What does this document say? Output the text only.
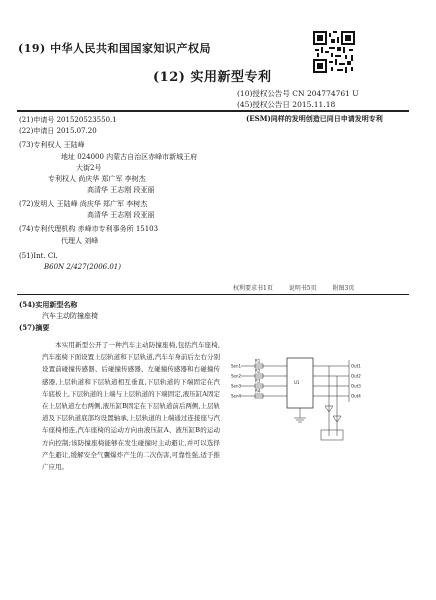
(19) 中华人民共和国国家知识产权局
(12) 实用新型专利
(10)授权公告号 CN 204774761 U
(45)授权公告日 2015.11.18
(21)申请号 201520523550.1
(22)申请日 2015.07.20
(73)专利权人 王陆峰
地址 024000 内蒙古自治区赤峰市新城王府
大街2号
专利权人 尚庆华 郑广军 李树杰
高清华 王志刚 段亚丽
(72)发明人 王陆峰 尚庆华 郑广军 李树杰
高清华 王志刚 段亚丽
(74)专利代理机构 赤峰市专利事务所 15103
代理人 刘峰
(51)Int. Cl.
B60N 2/427(2006.01)
(ESM)同样的发明创造已同日申请发明专利
权利要求书1页	说明书5页	附图3页
(54)实用新型名称
汽车主动防撞座椅
(57)摘要
本实用新型公开了一种汽车主动防撞座椅,包括汽车座椅,汽车座椅下面设置上层轨道和下层轨道,汽车车身前后左右分别设置前碰撞传感器、后碰撞传感器、左碰撞传感器和右碰撞传感器,上层轨道和下层轨道相互垂直,下层轨道的下端固定在汽车底板上,下层轨道的上端与上层轨道的下端固定,液压缸A固定在上层轨道左右两侧,液压缸B固定在下层轨道前后两侧,上层轨道及下层轨道底部均设置轴承,上层轨道的上端通过连接座与汽车座椅相连,汽车座椅的运动方向由液压缸A、液压缸B的运动方向控制;该防撞座椅能够在发生碰撞时主动避让,并可以选择产生避让,缓解安全气囊爆炸产生的二次伤害,可靠性强,适于推广应用。
Sen1
Sen2
Sen3
Sen4
R1
R2
R3
R4
U1
Out1
Out2
Out3
Out4
